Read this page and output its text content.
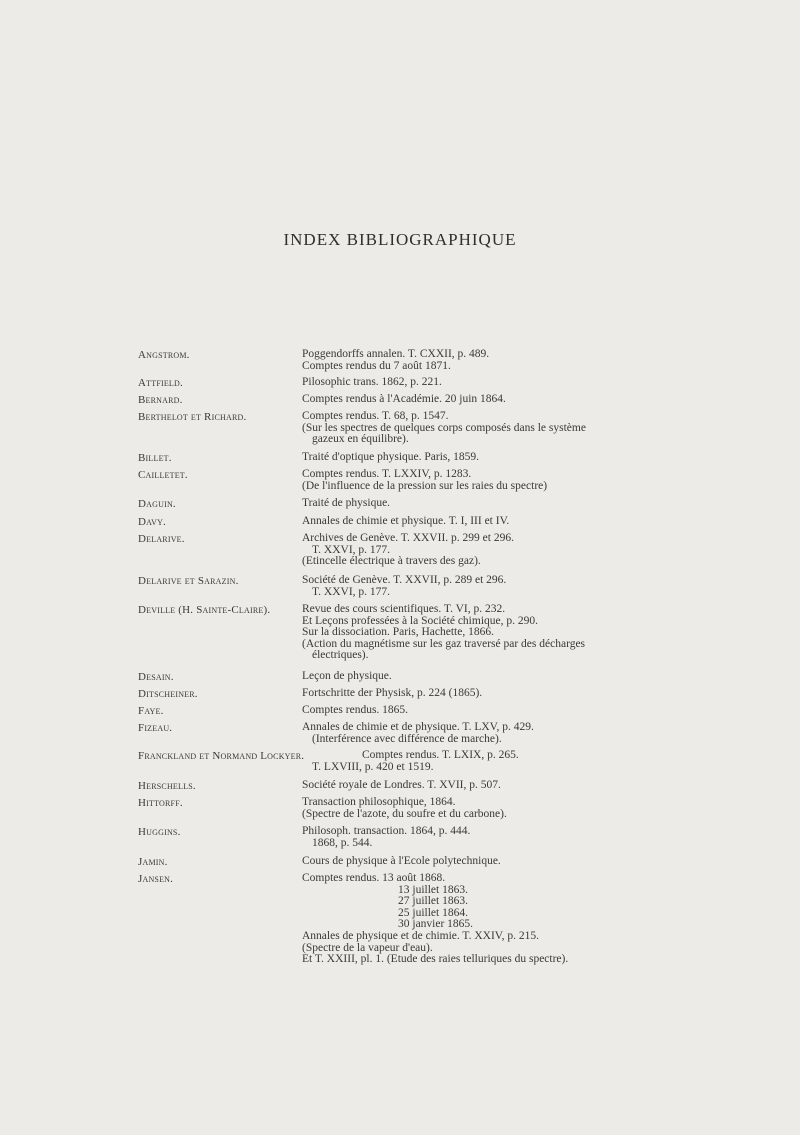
INDEX BIBLIOGRAPHIQUE
Angstrom.	Poggendorffs annalen. T. CXXII, p. 489.
Comptes rendus du 7 août 1871.
Attfield.	Pilosophic trans. 1862, p. 221.
Bernard.	Comptes rendus à l'Académie. 20 juin 1864.
Berthelot et Richard.	Comptes rendus. T. 68, p. 1547.
(Sur les spectres de quelques corps composés dans le système
gazeux en équilibre).
Billet.	Traité d'optique physique. Paris, 1859.
Cailletet.	Comptes rendus. T. LXXIV, p. 1283.
(De l'influence de la pression sur les raies du spectre)
Daguin.	Traité de physique.
Davy.	Annales de chimie et physique. T. I, III et IV.
Delarive.	Archives de Genève. T. XXVII. p. 299 et 296.
T. XXVI, p. 177.
(Etincelle électrique à travers des gaz).
Delarive et Sarazin.	Société de Genève. T. XXVII, p. 289 et 296.
T. XXVI, p. 177.
Deville (H. Sainte-Claire).	Revue des cours scientifiques. T. VI, p. 232.
Et Leçons professées à la Société chimique, p. 290.
Sur la dissociation. Paris, Hachette, 1866.
(Action du magnétisme sur les gaz traversé par des décharges
électriques).
Desain.	Leçon de physique.
Ditscheiner.	Fortschritte der Physisk, p. 224 (1865).
Faye.	Comptes rendus. 1865.
Fizeau.	Annales de chimie et de physique. T. LXV, p. 429.
(Interférence avec différence de marche).
Franckland et Normand Lockyer.	Comptes rendus. T. LXIX, p. 265.
T. LXVIII, p. 420 et 1519.
Herschells.	Société royale de Londres. T. XVII, p. 507.
Hittorff.	Transaction philosophique, 1864.
(Spectre de l'azote, du soufre et du carbone).
Huggins.	Philosoph. transaction. 1864, p. 444.
1868, p. 544.
Jamin.	Cours de physique à l'Ecole polytechnique.
Jansen.	Comptes rendus. 13 août 1868.
13 juillet 1863.
27 juillet 1863.
25 juillet 1864.
30 janvier 1865.
Annales de physique et de chimie. T. XXIV, p. 215.
(Spectre de la vapeur d'eau).
Et T. XXIII, pl. 1. (Etude des raies telluriques du spectre).
